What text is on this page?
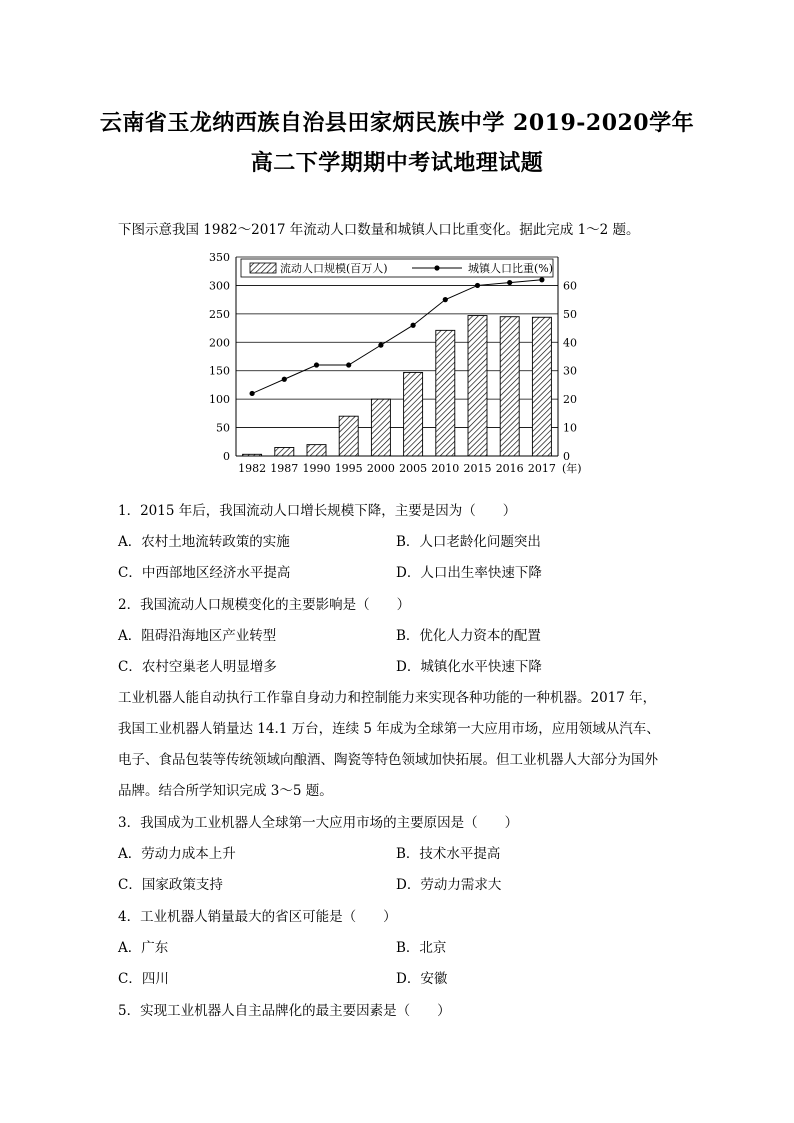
云南省玉龙纳西族自治县田家炳民族中学 2019-2020学年
高二下学期期中考试地理试题
下图示意我国 1982～2017 年流动人口数量和城镇人口比重变化。据此完成 1～2 题。
0
50
100
150
200
250
300
350
0
10
20
30
40
50
60
1982 1987 1990 1995 2000 2005 2010 2015 2016 2017 (年)
流动人口规模(百万人)	城镇人口比重(%)
1．2015 年后，我国流动人口增长规模下降，主要是因为（　　）
A．农村土地流转政策的实施	B．人口老龄化问题突出
C．中西部地区经济水平提高	D．人口出生率快速下降
2．我国流动人口规模变化的主要影响是（　　）
A．阻碍沿海地区产业转型	B．优化人力资本的配置
C．农村空巢老人明显增多	D．城镇化水平快速下降
工业机器人能自动执行工作靠自身动力和控制能力来实现各种功能的一种机器。2017 年，
我国工业机器人销量达 14.1 万台，连续 5 年成为全球第一大应用市场，应用领域从汽车、
电子、食品包装等传统领域向酿酒、陶瓷等特色领域加快拓展。但工业机器人大部分为国外
品牌。结合所学知识完成 3～5 题。
3．我国成为工业机器人全球第一大应用市场的主要原因是（　　）
A．劳动力成本上升	B．技术水平提高
C．国家政策支持	D．劳动力需求大
4．工业机器人销量最大的省区可能是（　　）
A．广东	B．北京
C．四川	D．安徽
5．实现工业机器人自主品牌化的最主要因素是（　　）
